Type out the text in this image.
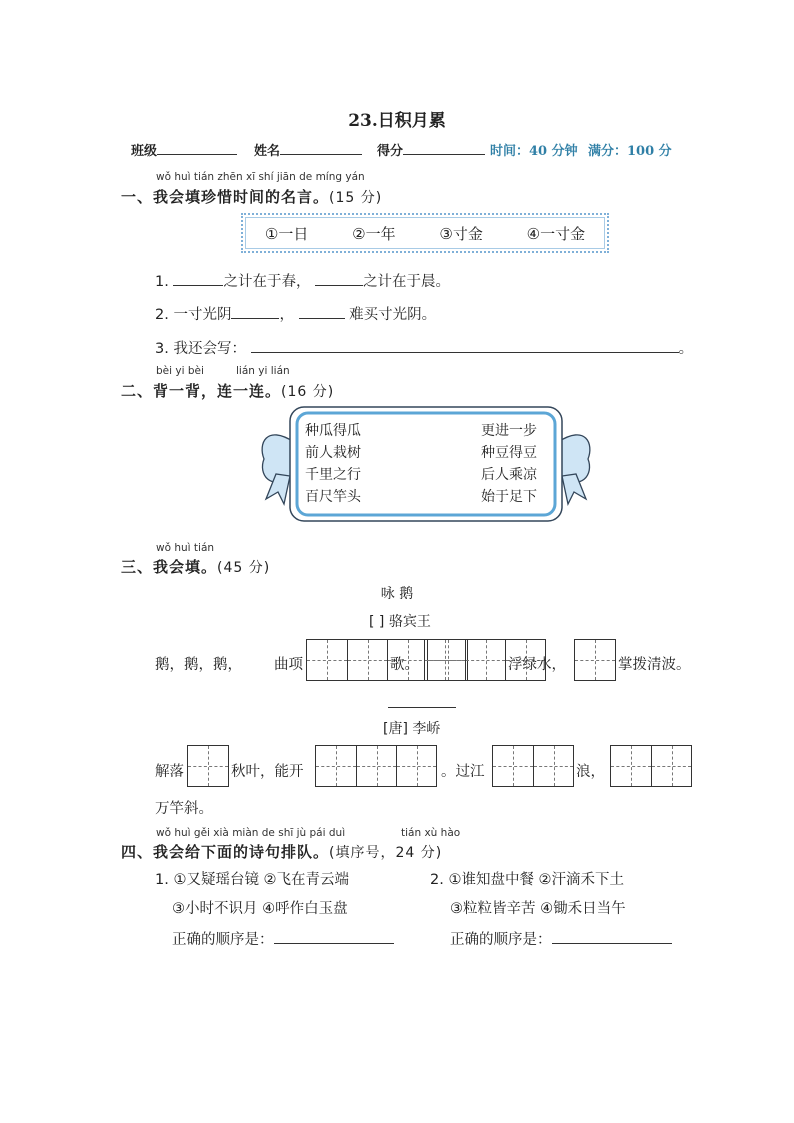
23.日积月累
班级	姓名	得分	时间：40 分钟 满分：100 分
wǒ huì tián zhēn xī shí jiān de míng yán
一、我会填珍惜时间的名言。(15 分)
①一日	②一年	③寸金	④一寸金
1.	之计在于春，	之计在于晨。
2. 一寸光阴	，	难买寸光阴。
3. 我还会写：	。
bèi yi bèi	lián yi lián
二、背一背，连一连。(16 分)
种瓜得瓜
前人栽树
千里之行
百尺竿头
更进一步
种豆得豆
后人乘凉
始于足下
wǒ huì tián
三、我会填。(45 分)
咏 鹅
[ ] 骆宾王
鹅，鹅，鹅， 曲项	歌。	浮绿水，	掌拨清波。
[唐] 李峤
解落	秋叶，能开	。过江	浪，
万竿斜。
wǒ huì gěi xià miàn de shī jù pái duì	tián xù hào
四、我会给下面的诗句排队。(填序号，24 分)
1. ①又疑瑶台镜 ②飞在青云端
③小时不识月 ④呼作白玉盘
正确的顺序是：
2. ①谁知盘中餐 ②汗滴禾下土
③粒粒皆辛苦 ④锄禾日当午
正确的顺序是：
